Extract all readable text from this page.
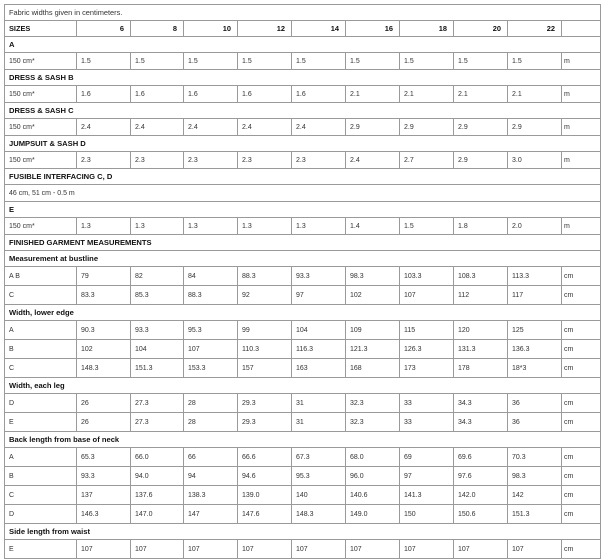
Fabric widths given in centimeters.										
SIZES	6	8	10	12	14	16	18	20	22	
A										
150 cm*	1.5	1.5	1.5	1.5	1.5	1.5	1.5	1.5	1.5	m
DRESS & SASH B										
150 cm*	1.6	1.6	1.6	1.6	1.6	2.1	2.1	2.1	2.1	m
DRESS & SASH C										
150 cm*	2.4	2.4	2.4	2.4	2.4	2.9	2.9	2.9	2.9	m
JUMPSUIT & SASH D										
150 cm*	2.3	2.3	2.3	2.3	2.3	2.4	2.7	2.9	3.0	m
FUSIBLE INTERFACING C, D										
46 cm, 51 cm - 0.5 m										
E										
150 cm*	1.3	1.3	1.3	1.3	1.3	1.4	1.5	1.8	2.0	m
FINISHED GARMENT MEASUREMENTS										
Measurement at bustline										
A B	79	82	84	88.3	93.3	98.3	103.3	108.3	113.3	cm
C	83.3	85.3	88.3	92	97	102	107	112	117	cm
Width, lower edge										
A	90.3	93.3	95.3	99	104	109	115	120	125	cm
B	102	104	107	110.3	116.3	121.3	126.3	131.3	136.3	cm
C	148.3	151.3	153.3	157	163	168	173	178	18*3	cm
Width, each leg										
D	26	27.3	28	29.3	31	32.3	33	34.3	36	cm
E	26	27.3	28	29.3	31	32.3	33	34.3	36	cm
Back length from base of neck										
A	65.3	66.0	66	66.6	67.3	68.0	69	69.6	70.3	cm
B	93.3	94.0	94	94.6	95.3	96.0	97	97.6	98.3	cm
C	137	137.6	138.3	139.0	140	140.6	141.3	142.0	142	cm
D	146.3	147.0	147	147.6	148.3	149.0	150	150.6	151.3	cm
Side length from waist										
E	107	107	107	107	107	107	107	107	107	cm
